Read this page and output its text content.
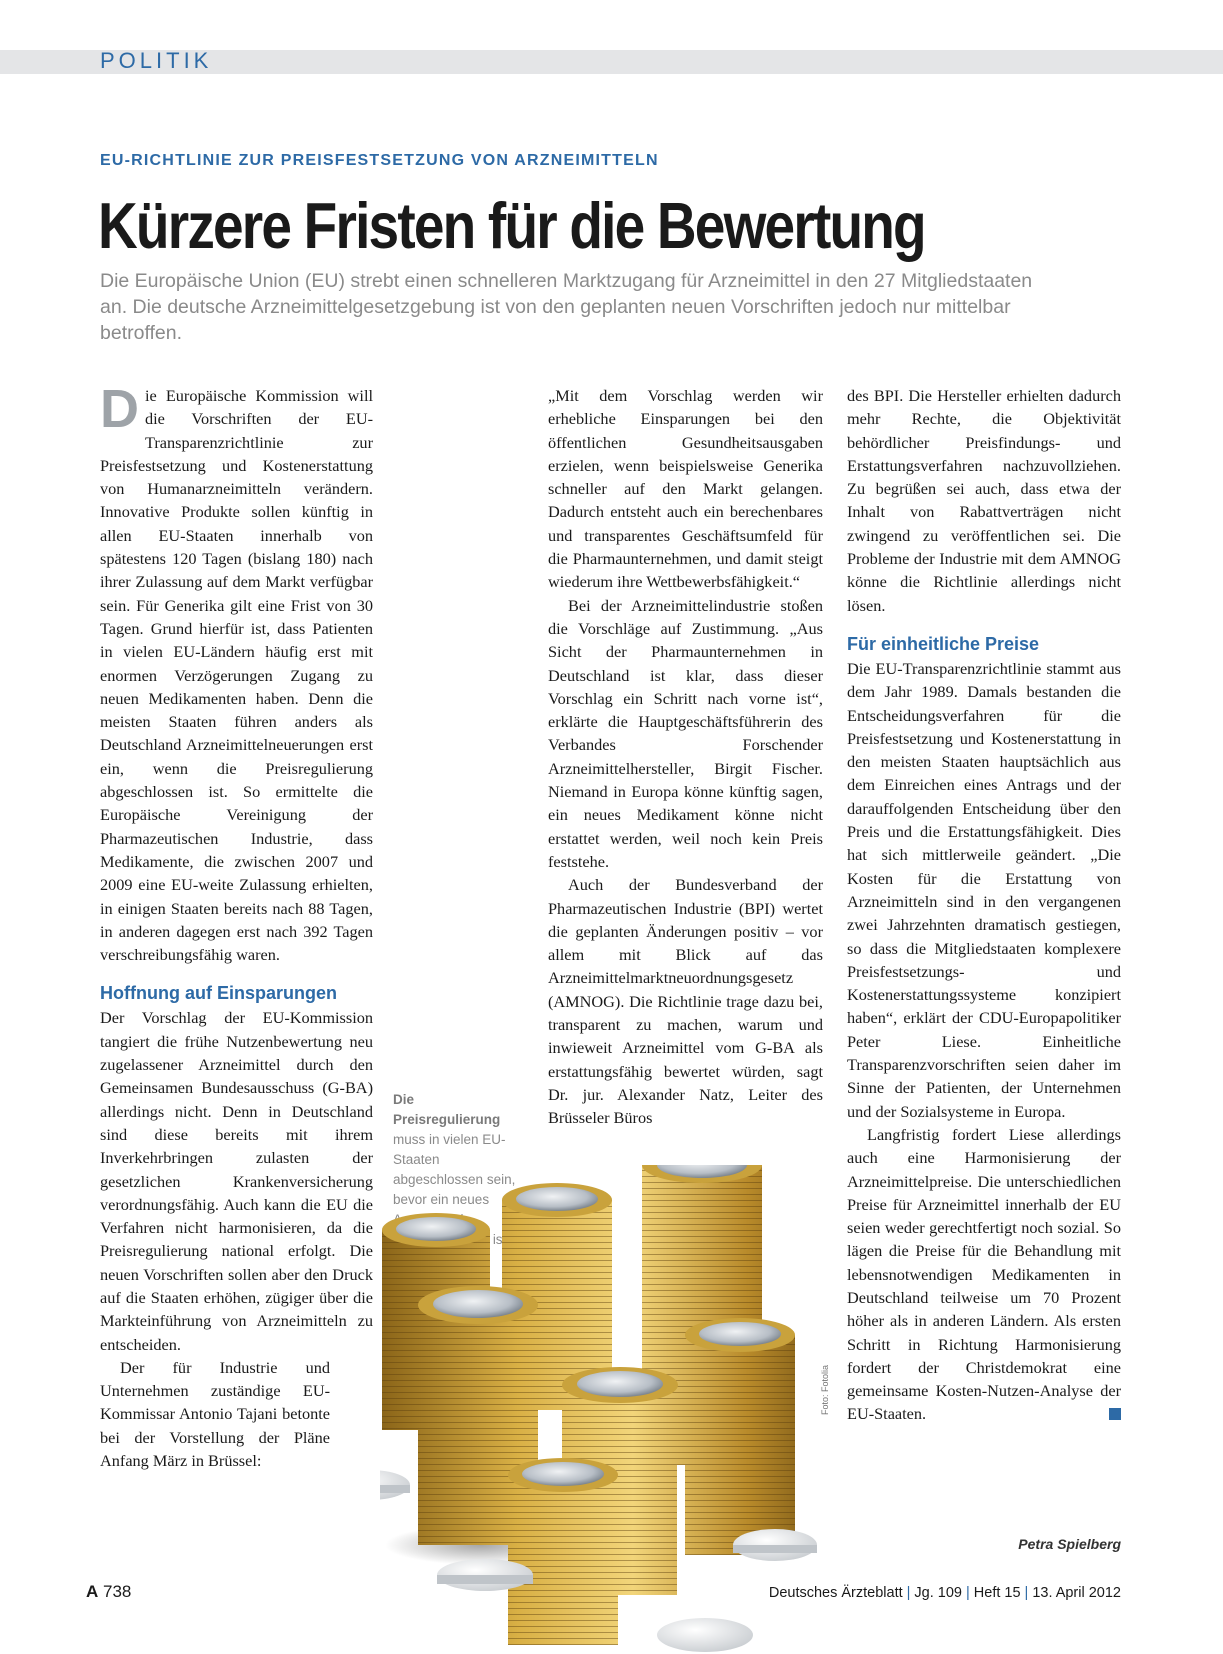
POLITIK
EU-RICHTLINIE ZUR PREISFESTSETZUNG VON ARZNEIMITTELN
Kürzere Fristen für die Bewertung
Die Europäische Union (EU) strebt einen schnelleren Marktzugang für Arzneimittel in den 27 Mitgliedstaaten an. Die deutsche Arzneimittelgesetzgebung ist von den geplanten neuen Vorschriften jedoch nur mittelbar betroffen.

Die Europäische Kommission will die Vorschriften der EU-Transparenzrichtlinie zur Preisfestsetzung und Kostenerstattung von Humanarzneimitteln verändern. Innovative Produkte sollen künftig in allen EU-Staaten innerhalb von spätestens 120 Tagen (bislang 180) nach ihrer Zulassung auf dem Markt verfügbar sein. Für Generika gilt eine Frist von 30 Tagen. Grund hierfür ist, dass Patienten in vielen EU-Ländern häufig erst mit enormen Verzögerungen Zugang zu neuen Medikamenten haben. Denn die meisten Staaten führen anders als Deutschland Arzneimittelneuerungen erst ein, wenn die Preisregulierung abgeschlossen ist. So ermittelte die Europäische Vereinigung der Pharmazeutischen Industrie, dass Medikamente, die zwischen 2007 und 2009 eine EU-weite Zulassung erhielten, in einigen Staaten bereits nach 88 Tagen, in anderen dagegen erst nach 392 Tagen verschreibungsfähig waren.

Hoffnung auf Einsparungen

Der Vorschlag der EU-Kommission tangiert die frühe Nutzenbewertung neu zugelassener Arzneimittel durch den Gemeinsamen Bundesausschuss (G-BA) allerdings nicht. Denn in Deutschland sind diese bereits mit ihrem Inverkehrbringen zulasten der gesetzlichen Krankenversicherung verordnungsfähig. Auch kann die EU die Verfahren nicht harmonisieren, da die Preisregulierung national erfolgt. Die neuen Vorschriften sollen aber den Druck auf die Staaten erhöhen, zügiger über die Markteinführung von Arzneimitteln zu entscheiden.

Der für Industrie und Unternehmen zuständige EU-Kommissar Antonio Tajani betonte bei der Vorstellung der Pläne Anfang März in Brüssel:

„Mit dem Vorschlag werden wir erhebliche Einsparungen bei den öffentlichen Gesundheitsausgaben erzielen, wenn beispielsweise Generika schneller auf den Markt gelangen. Dadurch entsteht auch ein berechenbares und transparentes Geschäftsumfeld für die Pharmaunternehmen, und damit steigt wiederum ihre Wettbewerbsfähigkeit.“

Bei der Arzneimittelindustrie stoßen die Vorschläge auf Zustimmung. „Aus Sicht der Pharmaunternehmen in Deutschland ist klar, dass dieser Vorschlag ein Schritt nach vorne ist“, erklärte die Hauptgeschäftsführerin des Verbandes Forschender Arzneimittelhersteller, Birgit Fischer. Niemand in Europa könne künftig sagen, ein neues Medikament könne nicht erstattet werden, weil noch kein Preis feststehe.

Auch der Bundesverband der Pharmazeutischen Industrie (BPI) wertet die geplanten Änderungen positiv – vor allem mit Blick auf das Arzneimittelmarktneuordnungsgesetz (AMNOG). Die Richtlinie trage dazu bei, transparent zu machen, warum und inwieweit Arzneimittel vom G-BA als erstattungsfähig bewertet würden, sagt Dr. jur. Alexander Natz, Leiter des Brüsseler Büros

des BPI. Die Hersteller erhielten dadurch mehr Rechte, die Objektivität behördlicher Preisfindungs- und Erstattungsverfahren nachzuvollziehen. Zu begrüßen sei auch, dass etwa der Inhalt von Rabattverträgen nicht zwingend zu veröffentlichen sei. Die Probleme der Industrie mit dem AMNOG könne die Richtlinie allerdings nicht lösen.

Für einheitliche Preise

Die EU-Transparenzrichtlinie stammt aus dem Jahr 1989. Damals bestanden die Entscheidungsverfahren für die Preisfestsetzung und Kostenerstattung in den meisten Staaten hauptsächlich aus dem Einreichen eines Antrags und der darauffolgenden Entscheidung über den Preis und die Erstattungsfähigkeit. Dies hat sich mittlerweile geändert. „Die Kosten für die Erstattung von Arzneimitteln sind in den vergangenen zwei Jahrzehnten dramatisch gestiegen, so dass die Mitgliedstaaten komplexere Preisfestsetzungs- und Kostenerstattungssysteme konzipiert haben“, erklärt der CDU-Europapolitiker Peter Liese. Einheitliche Transparenzvorschriften seien daher im Sinne der Patienten, der Unternehmen und der Sozialsysteme in Europa.

Langfristig fordert Liese allerdings auch eine Harmonisierung der Arzneimittelpreise. Die unterschiedlichen Preise für Arzneimittel innerhalb der EU seien weder gerechtfertigt noch sozial. So lägen die Preise für die Behandlung mit lebensnotwendigen Medikamenten in Deutschland teilweise um 70 Prozent höher als in anderen Ländern. Als ersten Schritt in Richtung Harmonisierung fordert der Christdemokrat eine gemeinsame Kosten-Nutzen-Analyse der EU-Staaten.

Die Preisregulierung muss in vielen EU-Staaten abgeschlossen sein, bevor ein neues ist.
Foto: Fotolia
Petra Spielberg
A 738	Deutsches Ärzteblatt | Jg. 109 | Heft 15 | 13. April 2012
